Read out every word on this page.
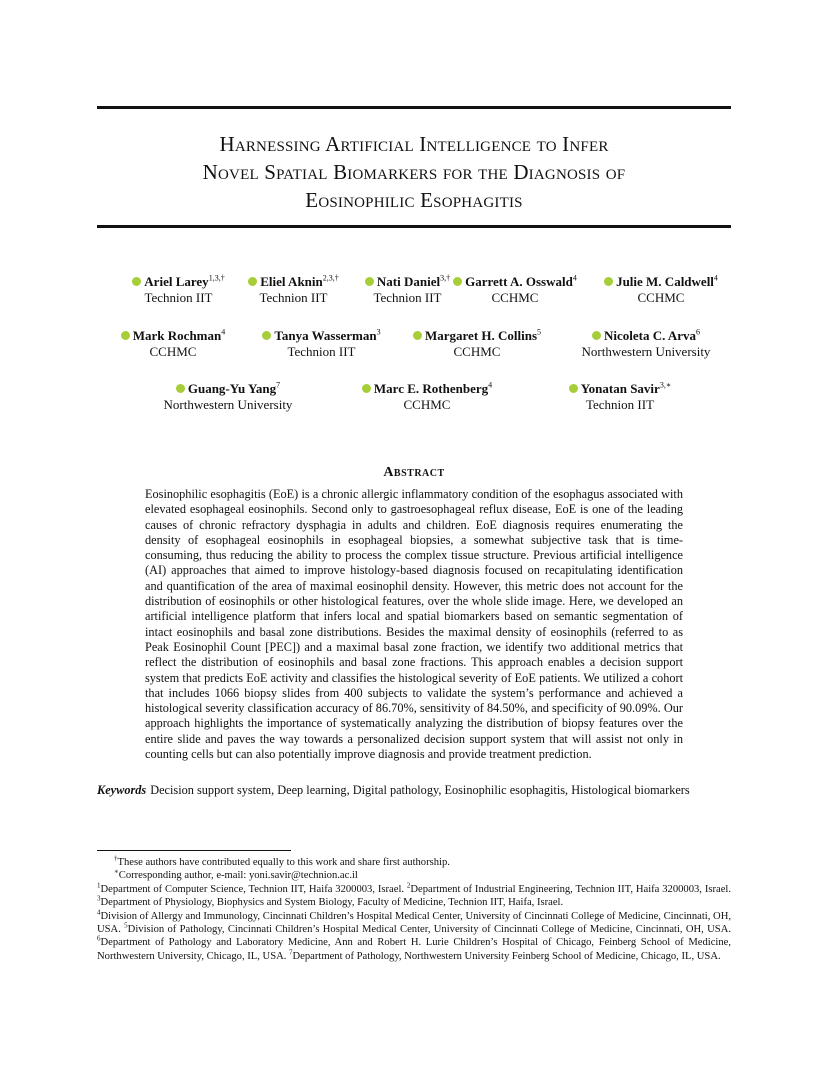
Harnessing Artificial Intelligence to Infer
Novel Spatial Biomarkers for the Diagnosis of
Eosinophilic Esophagitis
Ariel Larey$^{1,3,\dagger}$
Technion IIT
Eliel Aknin$^{2,3,\dagger}$
Technion IIT
Nati Daniel$^{3,\dagger}$
Technion IIT
Garrett A. Osswald$^4$
CCHMC
Julie M. Caldwell$^4$
CCHMC
Mark Rochman$^4$
CCHMC
Tanya Wasserman$^3$
Technion IIT
Margaret H. Collins$^5$
CCHMC
Nicoleta C. Arva$^6$
Northwestern University
Guang-Yu Yang$^7$
Northwestern University
Marc E. Rothenberg$^4$
CCHMC
Yonatan Savir$^{3,∗}$
Technion IIT
Abstract
Eosinophilic esophagitis (EoE) is a chronic allergic inflammatory condition of the esophagus associated with elevated esophageal eosinophils. Second only to gastroesophageal reflux disease, EoE is one of the leading causes of chronic refractory dysphagia in adults and children. EoE diagnosis requires enumerating the density of esophageal eosinophils in esophageal biopsies, a somewhat subjective task that is time-consuming, thus reducing the ability to process the complex tissue structure. Previous artificial intelligence (AI) approaches that aimed to improve histology-based diagnosis focused on recapitulating identification and quantification of the area of maximal eosinophil density. However, this metric does not account for the distribution of eosinophils or other histological features, over the whole slide image. Here, we developed an artificial intelligence platform that infers local and spatial biomarkers based on semantic segmentation of intact eosinophils and basal zone distributions. Besides the maximal density of eosinophils (referred to as Peak Eosinophil Count [PEC]) and a maximal basal zone fraction, we identify two additional metrics that reflect the distribution of eosinophils and basal zone fractions. This approach enables a decision support system that predicts EoE activity and classifies the histological severity of EoE patients. We utilized a cohort that includes 1066 biopsy slides from 400 subjects to validate the system’s performance and achieved a histological severity classification accuracy of 86.70%, sensitivity of 84.50%, and specificity of 90.09%. Our approach highlights the importance of systematically analyzing the distribution of biopsy features over the entire slide and paves the way towards a personalized decision support system that will assist not only in counting cells but can also potentially improve diagnosis and provide treatment prediction.
Keywords Decision support system, Deep learning, Digital pathology, Eosinophilic esophagitis, Histological biomarkers
†These authors have contributed equally to this work and share first authorship.
∗Corresponding author, e-mail: yoni.savir@technion.ac.il
$^1$Department of Computer Science, Technion IIT, Haifa 3200003, Israel. $^2$Department of Industrial Engineering, Technion IIT, Haifa 3200003, Israel. $^3$Department of Physiology, Biophysics and System Biology, Faculty of Medicine, Technion IIT, Haifa, Israel.
$^4$Division of Allergy and Immunology, Cincinnati Children’s Hospital Medical Center, University of Cincinnati College of Medicine, Cincinnati, OH, USA. $^5$Division of Pathology, Cincinnati Children’s Hospital Medical Center, University of Cincinnati College of Medicine, Cincinnati, OH, USA. $^6$Department of Pathology and Laboratory Medicine, Ann and Robert H. Lurie Children’s Hospital of Chicago, Feinberg School of Medicine, Northwestern University, Chicago, IL, USA. $^7$Department of Pathology, Northwestern University Feinberg School of Medicine, Chicago, IL, USA.
